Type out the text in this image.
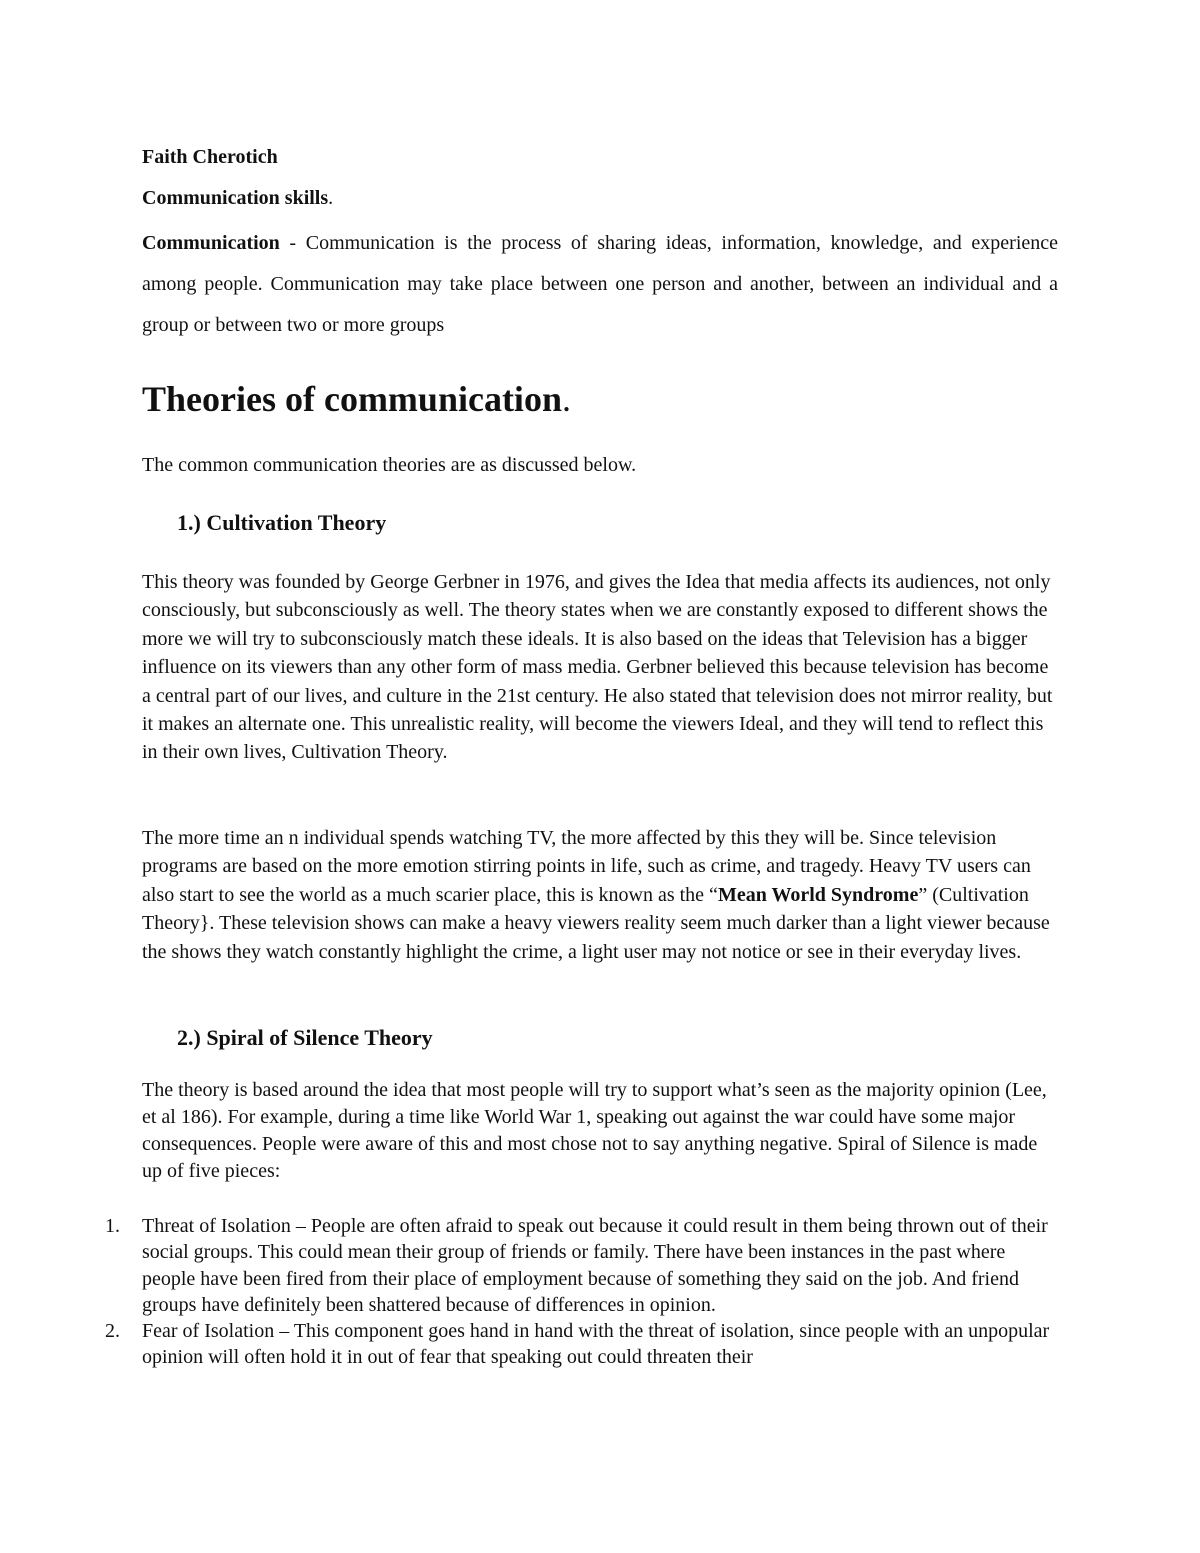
Faith Cherotich

Communication skills.

Communication - Communication is the process of sharing ideas, information, knowledge, and experience among people. Communication may take place between one person and another, between an individual and a group or between two or more groups

Theories of communication.

The common communication theories are as discussed below.

1.) Cultivation Theory

This theory was founded by George Gerbner in 1976, and gives the Idea that media affects its audiences, not only consciously, but subconsciously as well. The theory states when we are constantly exposed to different shows the more we will try to subconsciously match these ideals. It is also based on the ideas that Television has a bigger influence on its viewers than any other form of mass media. Gerbner believed this because television has become a central part of our lives, and culture in the 21st century. He also stated that television does not mirror reality, but it makes an alternate one. This unrealistic reality, will become the viewers Ideal, and they will tend to reflect this in their own lives, Cultivation Theory.

The more time an n individual spends watching TV, the more affected by this they will be. Since television programs are based on the more emotion stirring points in life, such as crime, and tragedy. Heavy TV users can also start to see the world as a much scarier place, this is known as the “Mean World Syndrome” (Cultivation Theory}. These television shows can make a heavy viewers reality seem much darker than a light viewer because the shows they watch constantly highlight the crime, a light user may not notice or see in their everyday lives.

2.) Spiral of Silence Theory

The theory is based around the idea that most people will try to support what’s seen as the majority opinion (Lee, et al 186). For example, during a time like World War 1, speaking out against the war could have some major consequences. People were aware of this and most chose not to say anything negative. Spiral of Silence is made up of five pieces:

1. Threat of Isolation – People are often afraid to speak out because it could result in them being thrown out of their social groups. This could mean their group of friends or family. There have been instances in the past where people have been fired from their place of employment because of something they said on the job. And friend groups have definitely been shattered because of differences in opinion.
2. Fear of Isolation – This component goes hand in hand with the threat of isolation, since people with an unpopular opinion will often hold it in out of fear that speaking out could threaten their
